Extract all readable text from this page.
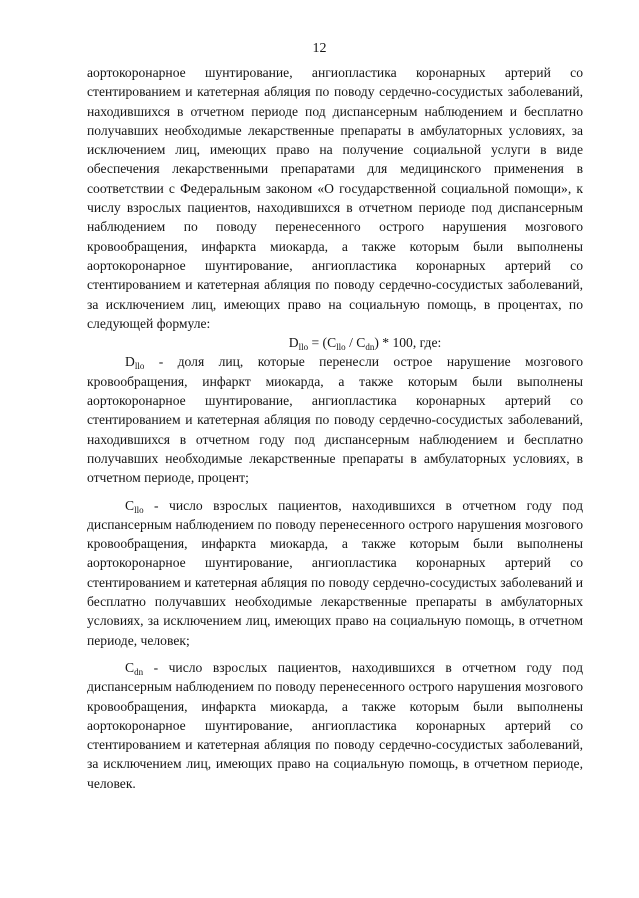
12

аортокоронарное шунтирование, ангиопластика коронарных артерий со стентированием и катетерная абляция по поводу сердечно-сосудистых заболеваний, находившихся в отчетном периоде под диспансерным наблюдением и бесплатно получавших необходимые лекарственные препараты в амбулаторных условиях, за исключением лиц, имеющих право на получение социальной услуги в виде обеспечения лекарственными препаратами для медицинского применения в соответствии с Федеральным законом «О государственной социальной помощи», к числу взрослых пациентов, находившихся в отчетном периоде под диспансерным наблюдением по поводу перенесенного острого нарушения мозгового кровообращения, инфаркта миокарда, а также которым были выполнены аортокоронарное шунтирование, ангиопластика коронарных артерий со стентированием и катетерная абляция по поводу сердечно-сосудистых заболеваний, за исключением лиц, имеющих право на социальную помощь, в процентах, по следующей формуле:

$D_{llo} = (C_{llo} / C_{dn}) * 100$, где:

$D_{llo}$ - доля лиц, которые перенесли острое нарушение мозгового кровообращения, инфаркт миокарда, а также которым были выполнены аортокоронарное шунтирование, ангиопластика коронарных артерий со стентированием и катетерная абляция по поводу сердечно-сосудистых заболеваний, находившихся в отчетном году под диспансерным наблюдением и бесплатно получавших необходимые лекарственные препараты в амбулаторных условиях, в отчетном периоде, процент;

$C_{llo}$ - число взрослых пациентов, находившихся в отчетном году под диспансерным наблюдением по поводу перенесенного острого нарушения мозгового кровообращения, инфаркта миокарда, а также которым были выполнены аортокоронарное шунтирование, ангиопластика коронарных артерий со стентированием и катетерная абляция по поводу сердечно-сосудистых заболеваний и бесплатно получавших необходимые лекарственные препараты в амбулаторных условиях, за исключением лиц, имеющих право на социальную помощь, в отчетном периоде, человек;

$C_{dn}$ - число взрослых пациентов, находившихся в отчетном году под диспансерным наблюдением по поводу перенесенного острого нарушения мозгового кровообращения, инфаркта миокарда, а также которым были выполнены аортокоронарное шунтирование, ангиопластика коронарных артерий со стентированием и катетерная абляция по поводу сердечно-сосудистых заболеваний, за исключением лиц, имеющих право на социальную помощь, в отчетном периоде, человек.
